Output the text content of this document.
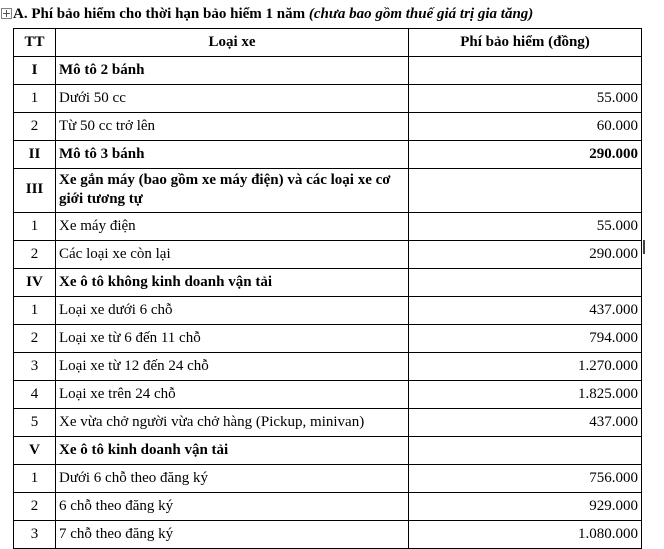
A. Phí bảo hiểm cho thời hạn bảo hiểm 1 năm (chưa bao gồm thuế giá trị gia tăng)
TT	Loại xe	Phí bảo hiểm (đồng)
I	Mô tô 2 bánh	
1	Dưới 50 cc	55.000
2	Từ 50 cc trở lên	60.000
II	Mô tô 3 bánh	290.000
III	Xe gắn máy (bao gồm xe máy điện) và các loại xe cơ giới tương tự	
1	Xe máy điện	55.000
2	Các loại xe còn lại	290.000
IV	Xe ô tô không kinh doanh vận tải	
1	Loại xe dưới 6 chỗ	437.000
2	Loại xe từ 6 đến 11 chỗ	794.000
3	Loại xe từ 12 đến 24 chỗ	1.270.000
4	Loại xe trên 24 chỗ	1.825.000
5	Xe vừa chở người vừa chở hàng (Pickup, minivan)	437.000
V	Xe ô tô kinh doanh vận tải	
1	Dưới 6 chỗ theo đăng ký	756.000
2	6 chỗ theo đăng ký	929.000
3	7 chỗ theo đăng ký	1.080.000
